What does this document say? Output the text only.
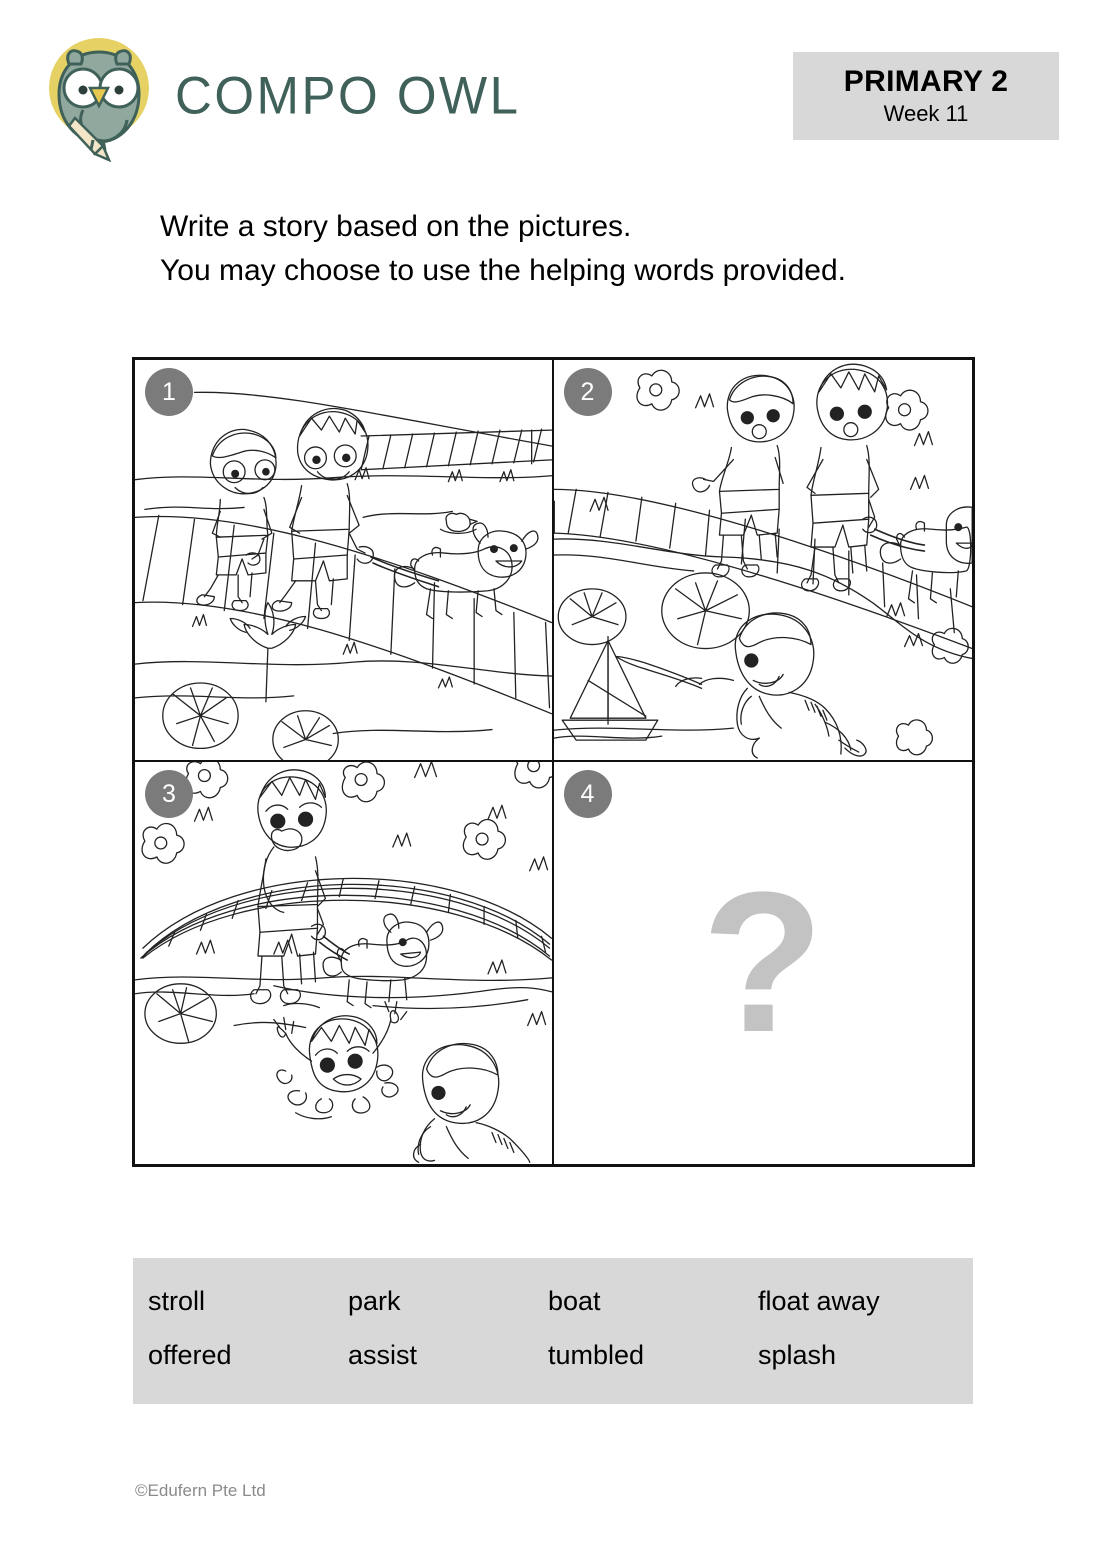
COMPO OWL	PRIMARY 2
Week 11

Write a story based on the pictures.

You may choose to use the helping words provided.

1	2
3
?
4
stroll	park	boat	float away
offered	assist	tumbled	splash
©Edufern Pte Ltd
